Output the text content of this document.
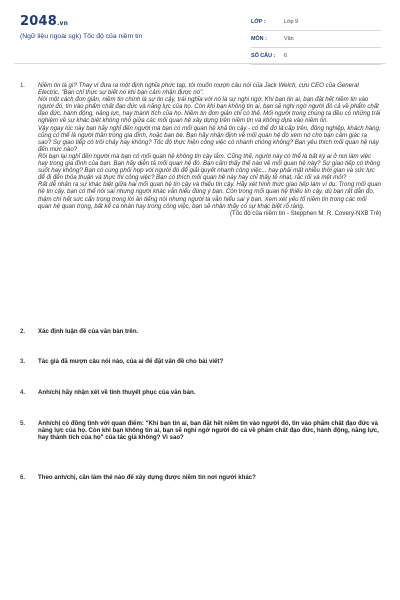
2048.vn
(Ngữ liệu ngoài sgk) Tốc độ của niềm tin
LỚP :	Lớp 9
MÔN :	Văn
SỐ CÂU :	6
1.	Niềm tin là gì? Thay vì đưa ra một định nghĩa phức tạp, tôi muốn mượn câu nói của Jack Welch, cựu CEO của General Electric, "Bạn chỉ thực sự biết nó khi bạn cảm nhận được nó".

Nói một cách đơn giản, niềm tin chính là sự tin cậy, trái nghĩa với nó là sự nghi ngờ. Khi bạn tin ai, bạn đặt hết niềm tin vào người đó, tin vào phẩm chất đạo đức và năng lực của họ. Còn khi bạn không tin ai, bạn sẽ nghi ngờ người đó cả về phẩm chất đạo đức, hành động, năng lực, hay thành tích của họ. Niềm tin đơn giản chỉ có thế. Mối người trong chúng ta đều có những trải nghiệm về sự khác biệt không nhỏ giữa các mối quan hệ xây dựng trên niềm tin và không dựa vào niềm tin.

Vậy ngay lúc này bạn hãy nghĩ đến người mà bạn có mối quan hệ khả tin cậy - có thể đó là cấp trên, đồng nghiệp, khách hàng, cũng có thể là người thân trong gia đình, hoặc bạn bè. Bạn hãy nhận định về mối quan hệ đó xem nó cho bạn cảm giác ra sao? Sự giao tiếp có trôi chảy hay không? Tốc độ thực hiện công việc có nhanh chóng không? Bạn yêu thích mối quan hệ này đến mức nào?

Rồi bạn lại nghĩ đến người mà bạn có mối quan hệ không tin cậy lắm. Cũng thế, người này có thể là bất kỳ ai ở nơi làm việc hay trong gia đình của bạn. Bạn hãy diễn tả mối quan hệ đó. Bạn cảm thấy thế nào về mối quan hệ này? Sự giao tiếp có thông suốt hay không? Bạn có cùng phối hợp với người đó để giải quyết nhanh công việc... hay phải mất nhiều thời gian và sức lực để đi đến thỏa thuận và thực thi công việc? Bạn có thích mối quan hệ này hay chỉ thấy tẻ nhạt, rắc rối và mệt mỏi?

Rất dễ nhận ra sự khác biệt giữa hai mối quan hệ tin cậy và thiếu tin cậy. Hãy xét hình thức giao tiếp làm ví dụ. Trong mối quan hệ tin cậy, bạn có thể nói sai nhưng người khác vẫn hiểu đúng ý bạn. Còn trong mối quan hệ thiếu tin cậy, dù bạn rất dẫn đo, thậm chí hết sức cẩn trọng trong lời ăn tiếng nói nhưng người ta vẫn hiểu sai ý bạn. Xem xét yếu tố niềm tin trong các mối quan hệ quan trọng, bất kể cá nhân hay trong công việc, bạn sẽ nhận thấy có sự khác biệt rõ ràng.

(Tốc độ của niềm tin - Stepphen M. R. Covery-NXB Trẻ)
2.	Xác định luận đề của văn bản trên.
3.	Tác giả đã mượn câu nói nào, của ai để đặt vấn đề cho bài viết?
4.	Anh/chị hãy nhận xét về tính thuyết phục của văn bản.
5.	Anh/chị có đồng tình với quan điểm: "Khi bạn tin ai, bạn đặt hết niềm tin vào người đó, tin vào phẩm chất đạo đức và năng lực của họ. Còn khi bạn không tin ai, bạn sẽ nghi ngờ người đó cả về phẩm chất đạo đức, hành động, năng lực, hay thành tích của họ" của tác giả không? Vì sao?
6.	Theo anh/chị, cần làm thế nào để xây dựng được niềm tin nơi người khác?
